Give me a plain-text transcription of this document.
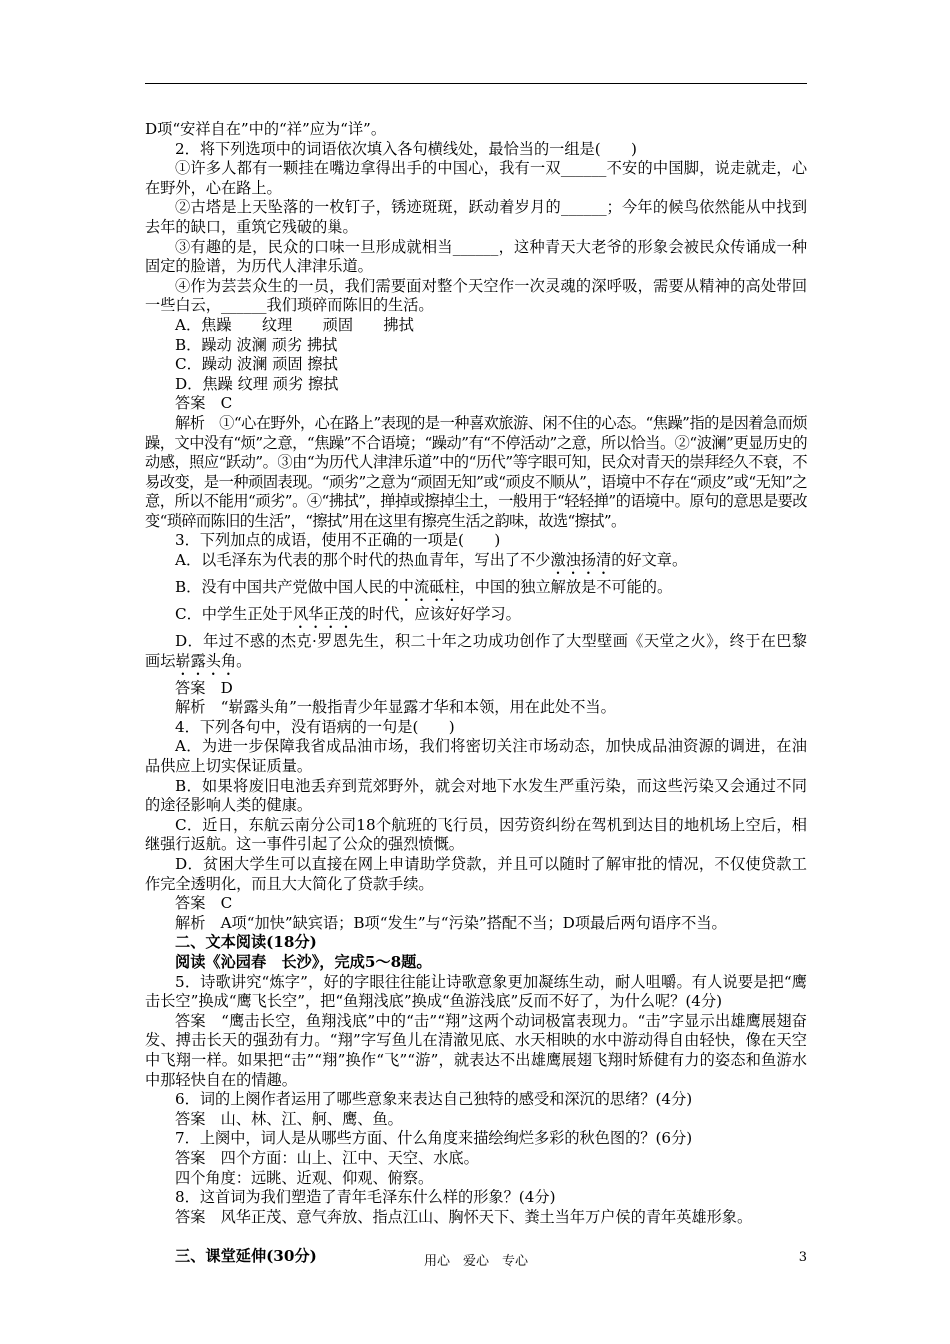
D项“安祥自在”中的“祥”应为“详”。

2．将下列选项中的词语依次填入各句横线处，最恰当的一组是(　　)

①许多人都有一颗挂在嘴边拿得出手的中国心，我有一双______不安的中国脚，说走就走，心在野外，心在路上。

②古塔是上天坠落的一枚钉子，锈迹斑斑，跃动着岁月的______；今年的候鸟依然能从中找到去年的缺口，重筑它残破的巢。

③有趣的是，民众的口味一旦形成就相当______，这种青天大老爷的形象会被民众传诵成一种固定的脸谱，为历代人津津乐道。

④作为芸芸众生的一员，我们需要面对整个天空作一次灵魂的深呼吸，需要从精神的高处带回一些白云，______我们琐碎而陈旧的生活。

A．焦躁　　纹理　　顽固　　拂拭

B．躁动 波澜 顽劣 拂拭

C．躁动 波澜 顽固 擦拭

D．焦躁 纹理 顽劣 擦拭

答案　C

解析　①“心在野外，心在路上”表现的是一种喜欢旅游、闲不住的心态。“焦躁”指的是因着急而烦躁，文中没有“烦”之意，“焦躁”不合语境；“躁动”有“不停活动”之意，所以恰当。②“波澜”更显历史的动感，照应“跃动”。③由“为历代人津津乐道”中的“历代”等字眼可知，民众对青天的崇拜经久不衰，不易改变，是一种顽固表现。“顽劣”之意为“顽固无知”或“顽皮不顺从”，语境中不存在“顽皮”或“无知”之意，所以不能用“顽劣”。④“拂拭”，掸掉或擦掉尘土，一般用于“轻轻掸”的语境中。原句的意思是要改变“琐碎而陈旧的生活”，“擦拭”用在这里有擦亮生活之韵味，故选“擦拭”。

3．下列加点的成语，使用不正确的一项是(　　)

A．以毛泽东为代表的那个时代的热血青年，写出了不少激浊扬清的好文章。

B．没有中国共产党做中国人民的中流砥柱，中国的独立解放是不可能的。

C．中学生正处于风华正茂的时代，应该好好学习。

D．年过不惑的杰克·罗恩先生，积二十年之功成功创作了大型壁画《天堂之火》，终于在巴黎画坛崭露头角。

答案　D

解析　“崭露头角”一般指青少年显露才华和本领，用在此处不当。

4．下列各句中，没有语病的一句是(　　)

A．为进一步保障我省成品油市场，我们将密切关注市场动态，加快成品油资源的调进，在油品供应上切实保证质量。

B．如果将废旧电池丢弃到荒郊野外，就会对地下水发生严重污染，而这些污染又会通过不同的途径影响人类的健康。

C．近日，东航云南分公司18个航班的飞行员，因劳资纠纷在驾机到达目的地机场上空后，相继强行返航。这一事件引起了公众的强烈愤慨。

D．贫困大学生可以直接在网上申请助学贷款，并且可以随时了解审批的情况，不仅使贷款工作完全透明化，而且大大简化了贷款手续。

答案　C

解析　A项“加快”缺宾语；B项“发生”与“污染”搭配不当；D项最后两句语序不当。

二、文本阅读(18分)

阅读《沁园春　长沙》，完成5～8题。

5．诗歌讲究“炼字”，好的字眼往往能让诗歌意象更加凝练生动，耐人咀嚼。有人说要是把“鹰击长空”换成“鹰飞长空”，把“鱼翔浅底”换成“鱼游浅底”反而不好了，为什么呢？(4分)

答案　“鹰击长空，鱼翔浅底”中的“击”“翔”这两个动词极富表现力。“击”字显示出雄鹰展翅奋发、搏击长天的强劲有力。“翔”字写鱼儿在清澈见底、水天相映的水中游动得自由轻快，像在天空中飞翔一样。如果把“击”“翔”换作“飞”“游”，就表达不出雄鹰展翅飞翔时矫健有力的姿态和鱼游水中那轻快自在的情趣。

6．词的上阕作者运用了哪些意象来表达自己独特的感受和深沉的思绪？(4分)

答案　山、林、江、舸、鹰、鱼。

7．上阕中，词人是从哪些方面、什么角度来描绘绚烂多彩的秋色图的？(6分)

答案　四个方面：山上、江中、天空、水底。

四个角度：远眺、近观、仰观、俯察。

8．这首词为我们塑造了青年毛泽东什么样的形象？(4分)

答案　风华正茂、意气奔放、指点江山、胸怀天下、粪土当年万户侯的青年英雄形象。

三、课堂延伸(30分)	用心　爱心　专心	3
